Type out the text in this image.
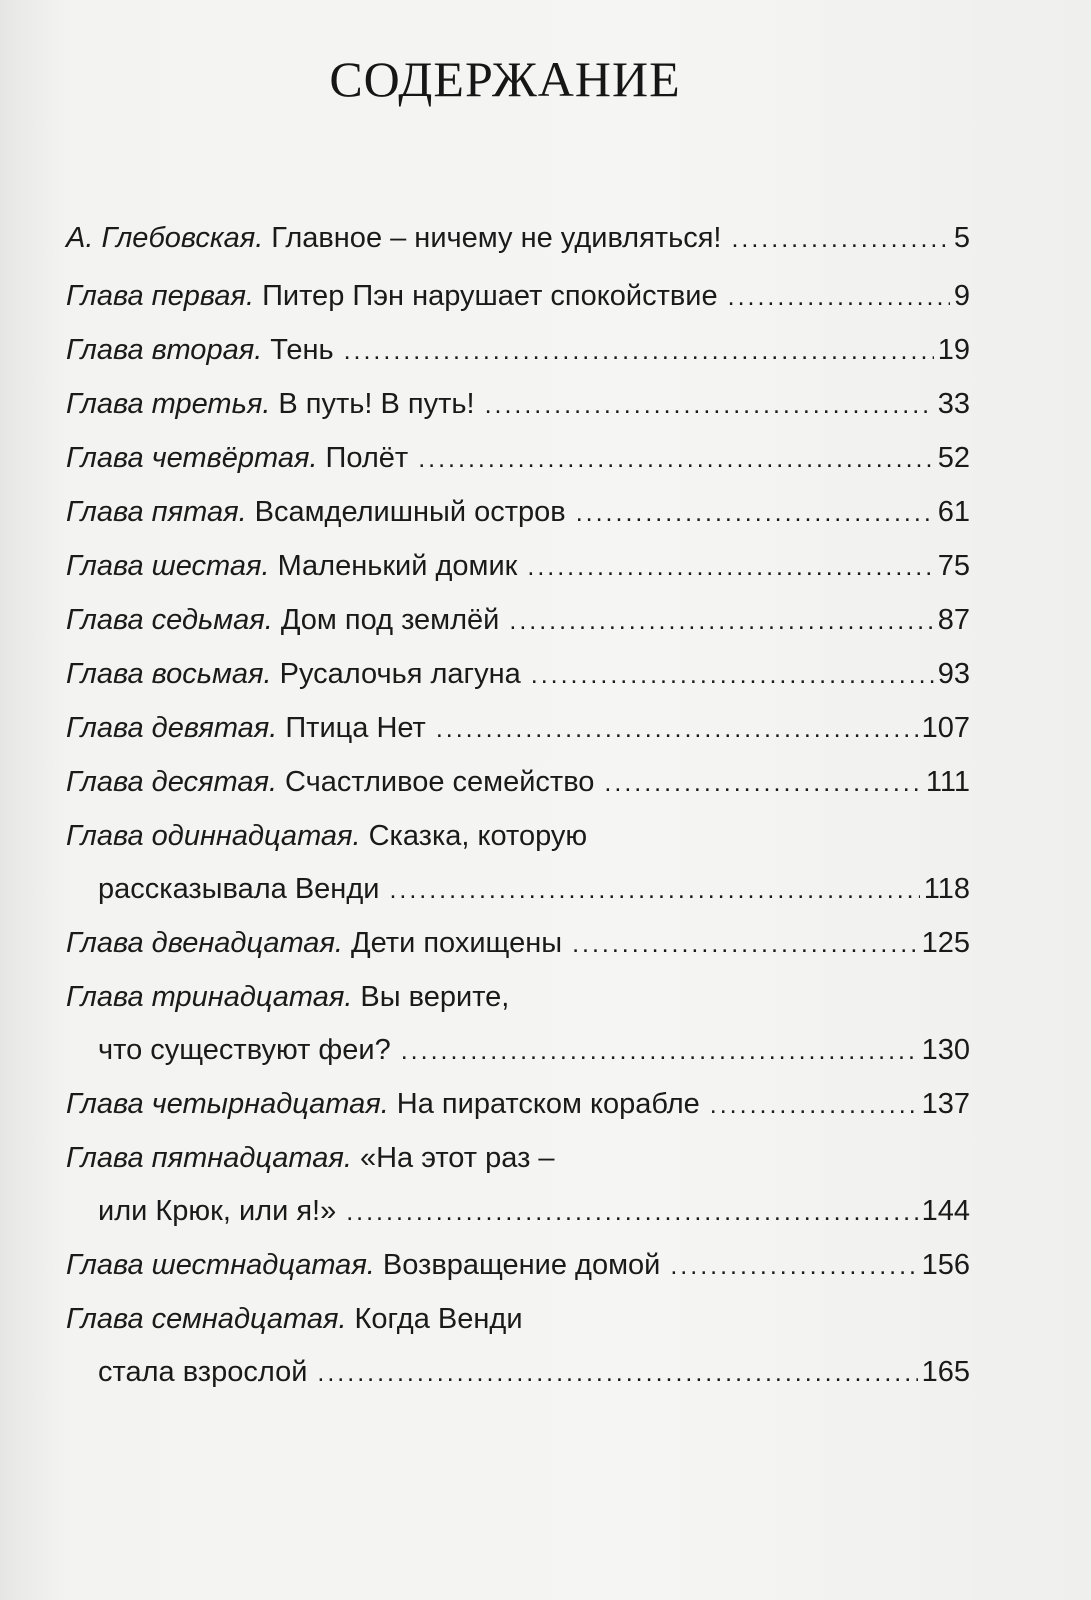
СОДЕРЖАНИЕ
А. Глебовская. Главное – ничему не удивляться! .....	5
Глава первая. Питер Пэн нарушает спокойствие .....	9
Глава вторая. Тень .....	19
Глава третья. В путь! В путь! .....	33
Глава четвёртая. Полёт .....	52
Глава пятая. Всамделишный остров .....	61
Глава шестая. Маленький домик .....	75
Глава седьмая. Дом под землёй .....	87
Глава восьмая. Русалочья лагуна .....	93
Глава девятая. Птица Нет .....	107
Глава десятая. Счастливое семейство .....	111
Глава одиннадцатая. Сказка, которую
рассказывала Венди .....	118
Глава двенадцатая. Дети похищены .....	125
Глава тринадцатая. Вы верите,
что существуют феи? .....	130
Глава четырнадцатая. На пиратском корабле .....	137
Глава пятнадцатая. «На этот раз –
или Крюк, или я!» .....	144
Глава шестнадцатая. Возвращение домой .....	156
Глава семнадцатая. Когда Венди
стала взрослой .....	165
